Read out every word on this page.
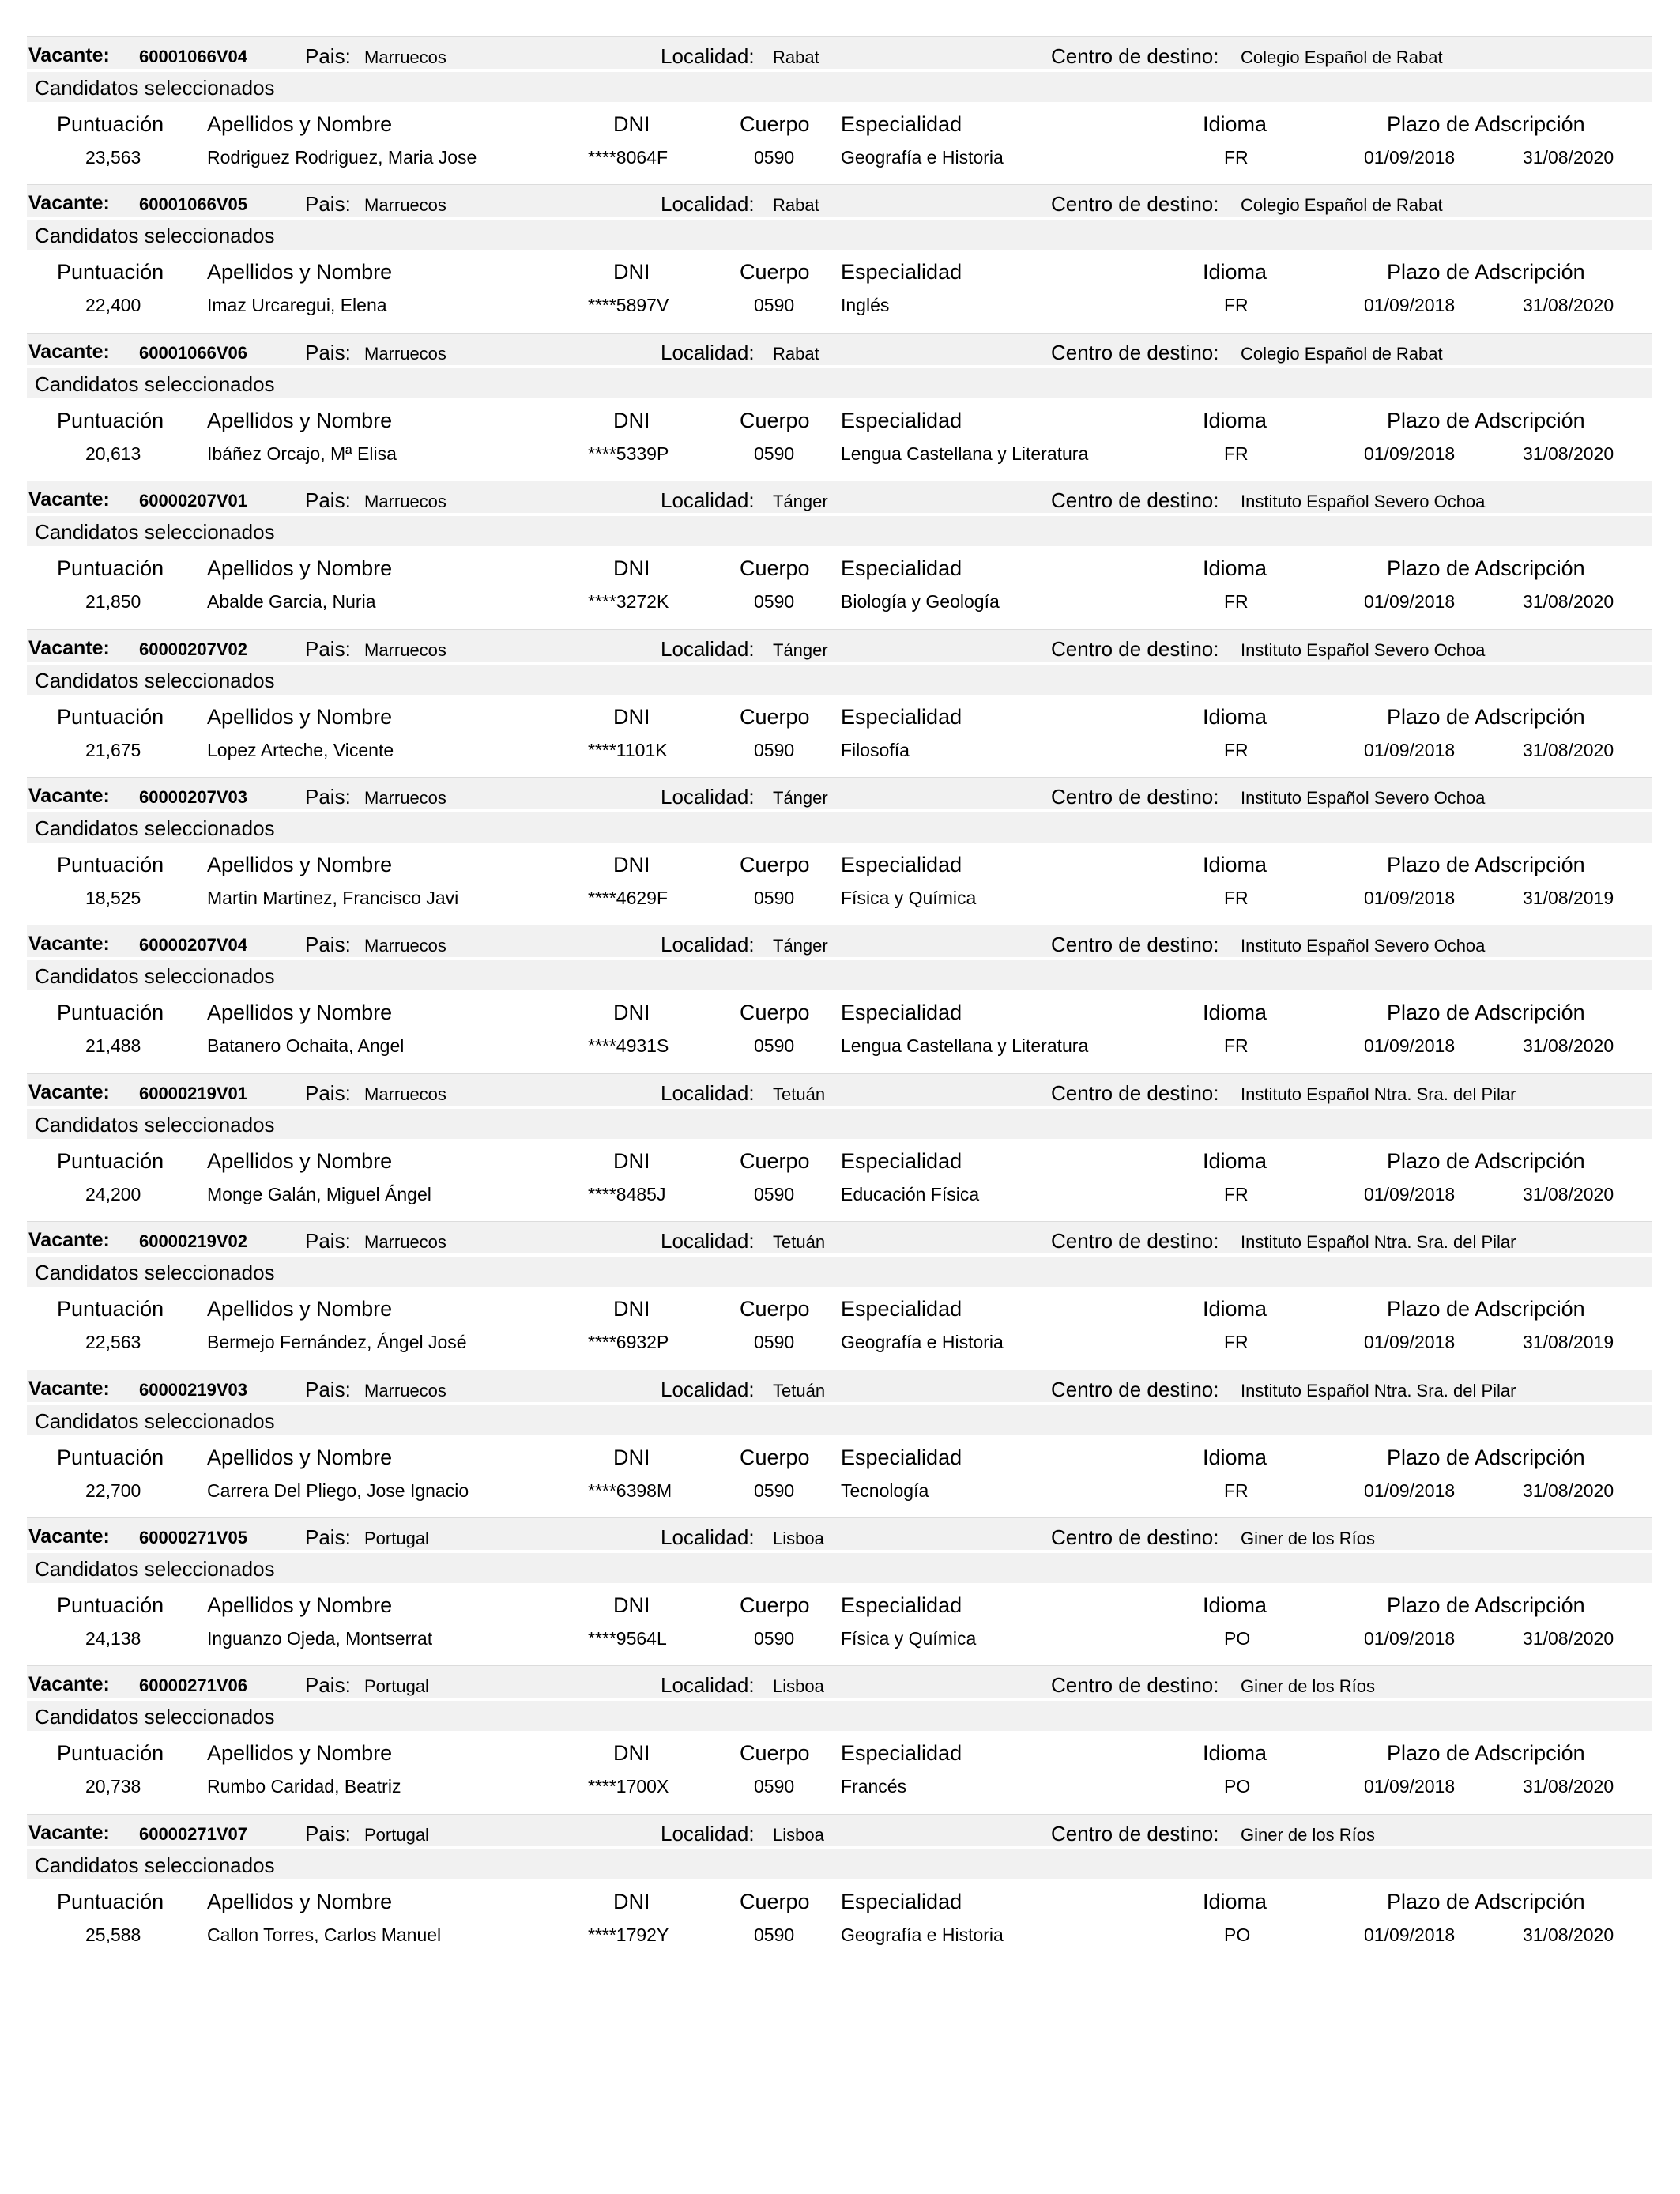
Vacante: 60001066V04	Pais: Marruecos	Localidad: Rabat	Centro de destino: Colegio Español de Rabat
Candidatos seleccionados
Puntuación Apellidos y Nombre	DNI	Cuerpo Especialidad	Idioma	Plazo de Adscripción
23,563	Rodriguez Rodriguez, Maria Jose	****8064F	0590	Geografía e Historia	FR	01/09/2018	31/08/2020
Vacante: 60001066V05	Pais: Marruecos	Localidad: Rabat	Centro de destino: Colegio Español de Rabat
Candidatos seleccionados
Puntuación Apellidos y Nombre	DNI	Cuerpo Especialidad	Idioma	Plazo de Adscripción
22,400	Imaz Urcaregui, Elena	****5897V	0590	Inglés	FR	01/09/2018	31/08/2020
Vacante: 60001066V06	Pais: Marruecos	Localidad: Rabat	Centro de destino: Colegio Español de Rabat
Candidatos seleccionados
Puntuación Apellidos y Nombre	DNI	Cuerpo Especialidad	Idioma	Plazo de Adscripción
20,613	Ibáñez Orcajo, Mª Elisa	****5339P	0590	Lengua Castellana y Literatura	FR	01/09/2018	31/08/2020
Vacante: 60000207V01	Pais: Marruecos	Localidad: Tánger	Centro de destino: Instituto Español Severo Ochoa
Candidatos seleccionados
Puntuación Apellidos y Nombre	DNI	Cuerpo Especialidad	Idioma	Plazo de Adscripción
21,850	Abalde Garcia, Nuria	****3272K	0590	Biología y Geología	FR	01/09/2018	31/08/2020
Vacante: 60000207V02	Pais: Marruecos	Localidad: Tánger	Centro de destino: Instituto Español Severo Ochoa
Candidatos seleccionados
Puntuación Apellidos y Nombre	DNI	Cuerpo Especialidad	Idioma	Plazo de Adscripción
21,675	Lopez Arteche, Vicente	****1101K	0590	Filosofía	FR	01/09/2018	31/08/2020
Vacante: 60000207V03	Pais: Marruecos	Localidad: Tánger	Centro de destino: Instituto Español Severo Ochoa
Candidatos seleccionados
Puntuación Apellidos y Nombre	DNI	Cuerpo Especialidad	Idioma	Plazo de Adscripción
18,525	Martin Martinez, Francisco Javi	****4629F	0590	Física y Química	FR	01/09/2018	31/08/2019
Vacante: 60000207V04	Pais: Marruecos	Localidad: Tánger	Centro de destino: Instituto Español Severo Ochoa
Candidatos seleccionados
Puntuación Apellidos y Nombre	DNI	Cuerpo Especialidad	Idioma	Plazo de Adscripción
21,488	Batanero Ochaita, Angel	****4931S	0590	Lengua Castellana y Literatura	FR	01/09/2018	31/08/2020
Vacante: 60000219V01	Pais: Marruecos	Localidad: Tetuán	Centro de destino: Instituto Español Ntra. Sra. del Pilar
Candidatos seleccionados
Puntuación Apellidos y Nombre	DNI	Cuerpo Especialidad	Idioma	Plazo de Adscripción
24,200	Monge Galán, Miguel Ángel	****8485J	0590	Educación Física	FR	01/09/2018	31/08/2020
Vacante: 60000219V02	Pais: Marruecos	Localidad: Tetuán	Centro de destino: Instituto Español Ntra. Sra. del Pilar
Candidatos seleccionados
Puntuación Apellidos y Nombre	DNI	Cuerpo Especialidad	Idioma	Plazo de Adscripción
22,563	Bermejo Fernández, Ángel José	****6932P	0590	Geografía e Historia	FR	01/09/2018	31/08/2019
Vacante: 60000219V03	Pais: Marruecos	Localidad: Tetuán	Centro de destino: Instituto Español Ntra. Sra. del Pilar
Candidatos seleccionados
Puntuación Apellidos y Nombre	DNI	Cuerpo Especialidad	Idioma	Plazo de Adscripción
22,700	Carrera Del Pliego, Jose Ignacio	****6398M	0590	Tecnología	FR	01/09/2018	31/08/2020
Vacante: 60000271V05	Pais: Portugal	Localidad: Lisboa	Centro de destino: Giner de los Ríos
Candidatos seleccionados
Puntuación Apellidos y Nombre	DNI	Cuerpo Especialidad	Idioma	Plazo de Adscripción
24,138	Inguanzo Ojeda, Montserrat	****9564L	0590	Física y Química	PO	01/09/2018	31/08/2020
Vacante: 60000271V06	Pais: Portugal	Localidad: Lisboa	Centro de destino: Giner de los Ríos
Candidatos seleccionados
Puntuación Apellidos y Nombre	DNI	Cuerpo Especialidad	Idioma	Plazo de Adscripción
20,738	Rumbo Caridad, Beatriz	****1700X	0590	Francés	PO	01/09/2018	31/08/2020
Vacante: 60000271V07	Pais: Portugal	Localidad: Lisboa	Centro de destino: Giner de los Ríos
Candidatos seleccionados
Puntuación Apellidos y Nombre	DNI	Cuerpo Especialidad	Idioma	Plazo de Adscripción
25,588	Callon Torres, Carlos Manuel	****1792Y	0590	Geografía e Historia	PO	01/09/2018	31/08/2020
